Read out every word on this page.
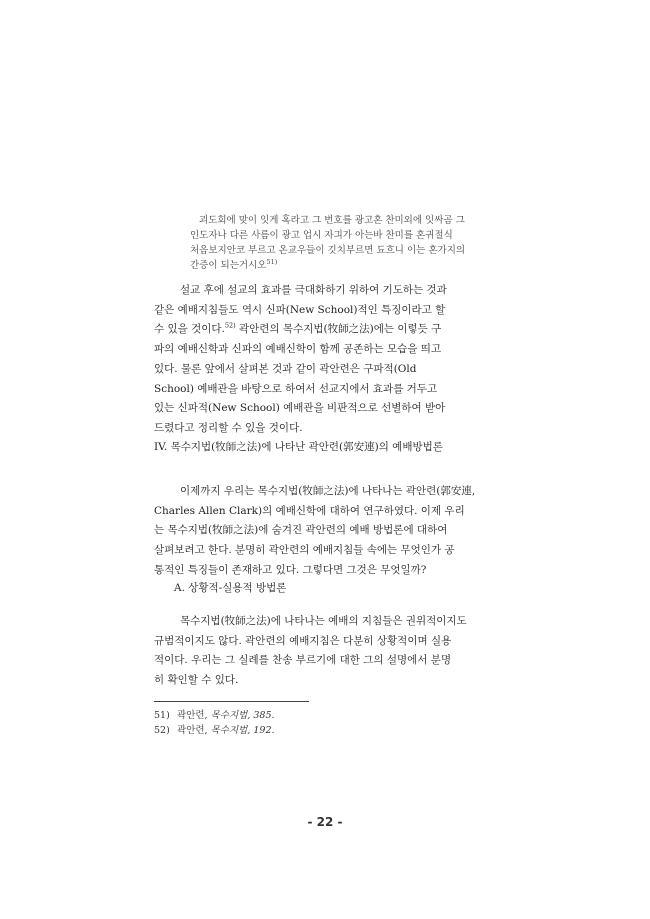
괴도회에 맞이 잇게 혹라고 그 번호를 광고혼 찬미외에 잇싸곰 그
인도자나 다른 사름이 광고 업시 자긔가 아는바 찬미를 혼귀절식
처음보지안코 부르고 온교우들이 깃치부르면 됴흐니 이는 혼가지의
간증이 되는거시오$^{51)}$
설교 후에 설교의 효과를 극대화하기 위하여 기도하는 것과
같은 예배지침들도 역시 신파(New School)적인 특징이라고 할
수 있을 것이다.$^{52)}$ 곽안련의 목수지법(牧師之法)에는 이렇듯 구
파의 예배신학과 신파의 예배신학이 함께 공존하는 모습을 띄고
있다. 물론 앞에서 살펴본 것과 같이 곽안련은 구파적(Old
School) 예배관을 바탕으로 하여서 선교지에서 효과를 거두고
있는 신파적(New School) 예배관을 비판적으로 선별하여 받아
드렸다고 정리할 수 있을 것이다.
IV. 목수지법(牧師之法)에 나타난 곽안련(郭安連)의 예배방법론
이제까지 우리는 목수지법(牧師之法)에 나타나는 곽안련(郭安連,
Charles Allen Clark)의 예배신학에 대하여 연구하였다. 이제 우리
는 목수지법(牧師之法)에 숨겨진 곽안련의 예배 방법론에 대하여
살펴보려고 한다. 분명히 곽안련의 예배지침들 속에는 무엇인가 공
통적인 특징들이 존재하고 있다. 그렇다면 그것은 무엇일까?
A. 상황적-실용적 방법론
목수지법(牧師之法)에 나타나는 예배의 지침들은 권위적이지도
규범적이지도 않다. 곽안련의 예배지침은 다분히 상황적이며 실용
적이다. 우리는 그 실례를 찬송 부르기에 대한 그의 설명에서 분명
히 확인할 수 있다.
51) 곽안련, 목수지법, 385.
52) 곽안련, 목수지법, 192.
- 22 -
